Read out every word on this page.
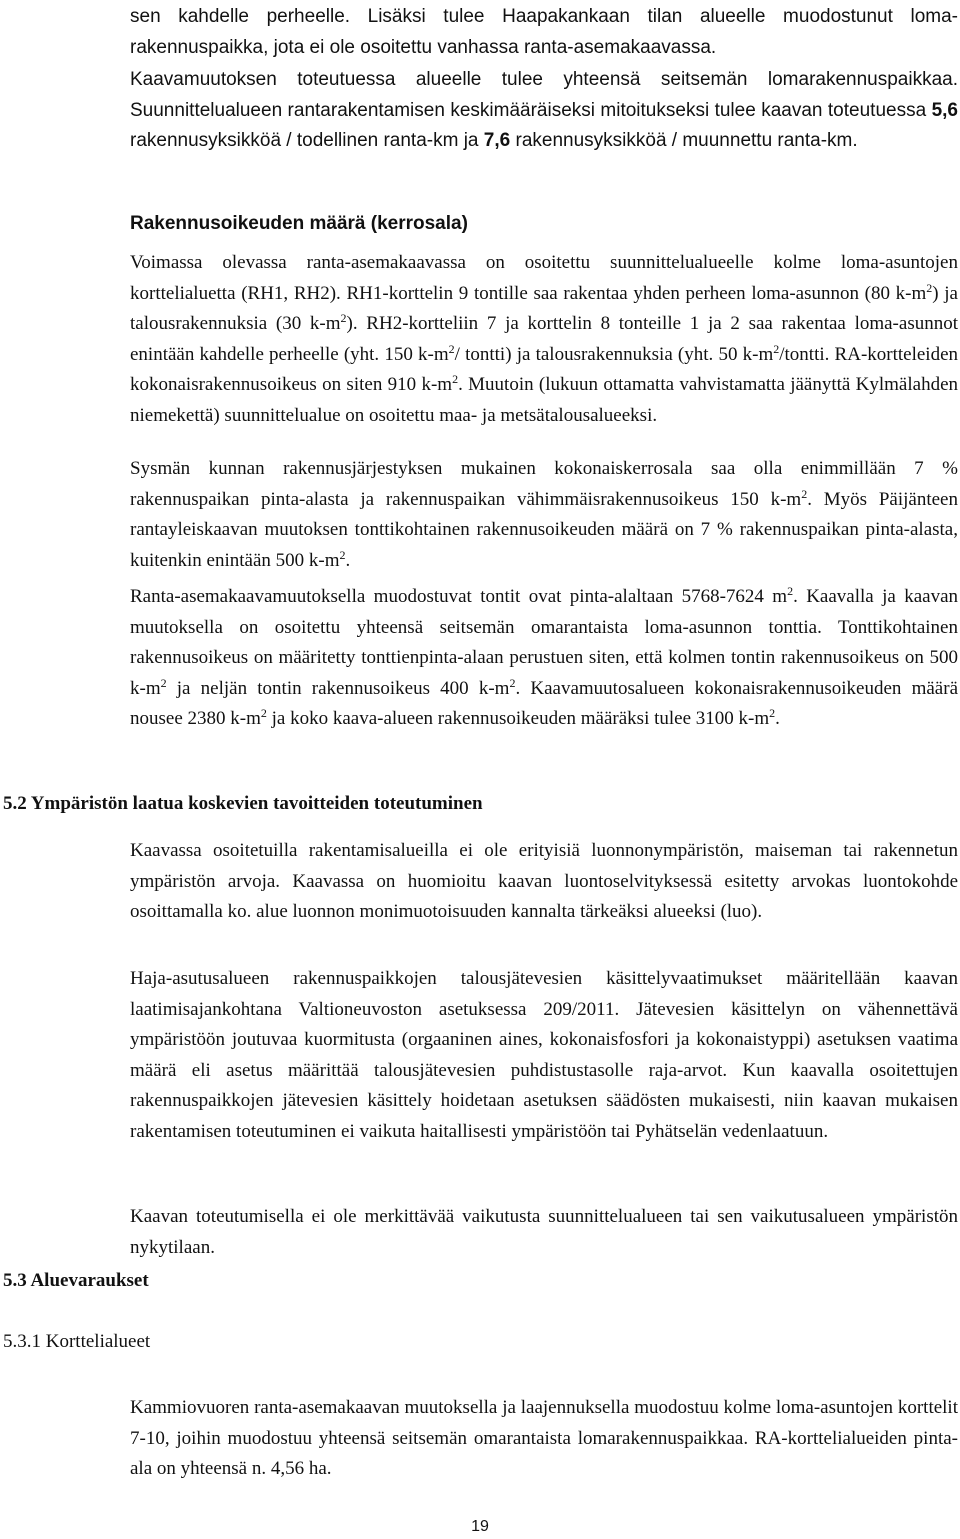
sen kahdelle perheelle. Lisäksi tulee Haapakankaan tilan alueelle muodostunut loma-rakennuspaikka, jota ei ole osoitettu vanhassa ranta-asemakaavassa.

Kaavamuutoksen toteutuessa alueelle tulee yhteensä seitsemän lomarakennuspaikkaa. Suunnittelualueen rantarakentamisen keskimääräiseksi mitoitukseksi tulee kaavan toteutuessa 5,6 rakennusyksikköä / todellinen ranta-km ja 7,6 rakennusyksikköä / muunnettu ranta-km.

Rakennusoikeuden määrä (kerrosala)

Voimassa olevassa ranta-asemakaavassa on osoitettu suunnittelualueelle kolme loma-asuntojen korttelialuetta (RH1, RH2). RH1-korttelin 9 tontille saa rakentaa yhden perheen loma-asunnon (80 $k-m^2$) ja talousrakennuksia (30 $k-m^2$). RH2-kortteliin 7 ja korttelin 8 tonteille 1 ja 2 saa rakentaa loma-asunnot enintään kahdelle perheelle (yht. 150 $k-m^2/$ tontti) ja talousrakennuksia (yht. 50 $k-m^2$/tontti. RA-kortteleiden kokonaisrakennusoikeus on siten 910 $k-m^2$. Muutoin (lukuun ottamatta vahvistamatta jäänyttä Kylmälahden niemekettä) suunnittelualue on osoitettu maa- ja metsätalousalueeksi.

Sysmän kunnan rakennusjärjestyksen mukainen kokonaiskerrosala saa olla enimmillään 7 % rakennuspaikan pinta-alasta ja rakennuspaikan vähimmäisrakennusoikeus 150 $k-m^2$. Myös Päijänteen rantayleiskaavan muutoksen tonttikohtainen rakennusoikeuden määrä on 7 % rakennuspaikan pinta-alasta, kuitenkin enintään 500 $k-m^2$.

Ranta-asemakaavamuutoksella muodostuvat tontit ovat pinta-alaltaan 5768-7624 $m^2$. Kaavalla ja kaavan muutoksella on osoitettu yhteensä seitsemän omarantaista loma-asunnon tonttia. Tonttikohtainen rakennusoikeus on määritetty tonttienpinta-alaan perustuen siten, että kolmen tontin rakennusoikeus on 500 $k-m^2$ ja neljän tontin rakennusoikeus 400 $k-m^2$. Kaavamuutosalueen kokonaisrakennusoikeuden määrä nousee 2380 $k-m^2$ ja koko kaava-alueen rakennusoikeuden määräksi tulee 3100 $k-m^2$.

5.2 Ympäristön laatua koskevien tavoitteiden toteutuminen

Kaavassa osoitetuilla rakentamisalueilla ei ole erityisiä luonnonympäristön, maiseman tai rakennetun ympäristön arvoja. Kaavassa on huomioitu kaavan luontoselvityksessä esitetty arvokas luontokohde osoittamalla ko. alue luonnon monimuotoisuuden kannalta tärkeäksi alueeksi (luo).

Haja-asutusalueen rakennuspaikkojen talousjätevesien käsittelyvaatimukset määritellään kaavan laatimisajankohtana Valtioneuvoston asetuksessa 209/2011. Jätevesien käsittelyn on vähennettävä ympäristöön joutuvaa kuormitusta (orgaaninen aines, kokonaisfosfori ja kokonaistyppi) asetuksen vaatima määrä eli asetus määrittää talousjätevesien puhdistustasolle raja-arvot. Kun kaavalla osoitettujen rakennuspaikkojen jätevesien käsittely hoidetaan asetuksen säädösten mukaisesti, niin kaavan mukaisen rakentamisen toteutuminen ei vaikuta haitallisesti ympäristöön tai Pyhätselän vedenlaatuun.

Kaavan toteutumisella ei ole merkittävää vaikutusta suunnittelualueen tai sen vaikutusalueen ympäristön nykytilaan.

5.3 Aluevaraukset

5.3.1 Korttelialueet

Kammiovuoren ranta-asemakaavan muutoksella ja laajennuksella muodostuu kolme loma-asuntojen korttelit 7-10, joihin muodostuu yhteensä seitsemän omarantaista lomarakennuspaikkaa. RA-korttelialueiden pinta-ala on yhteensä n. 4,56 ha.

19
